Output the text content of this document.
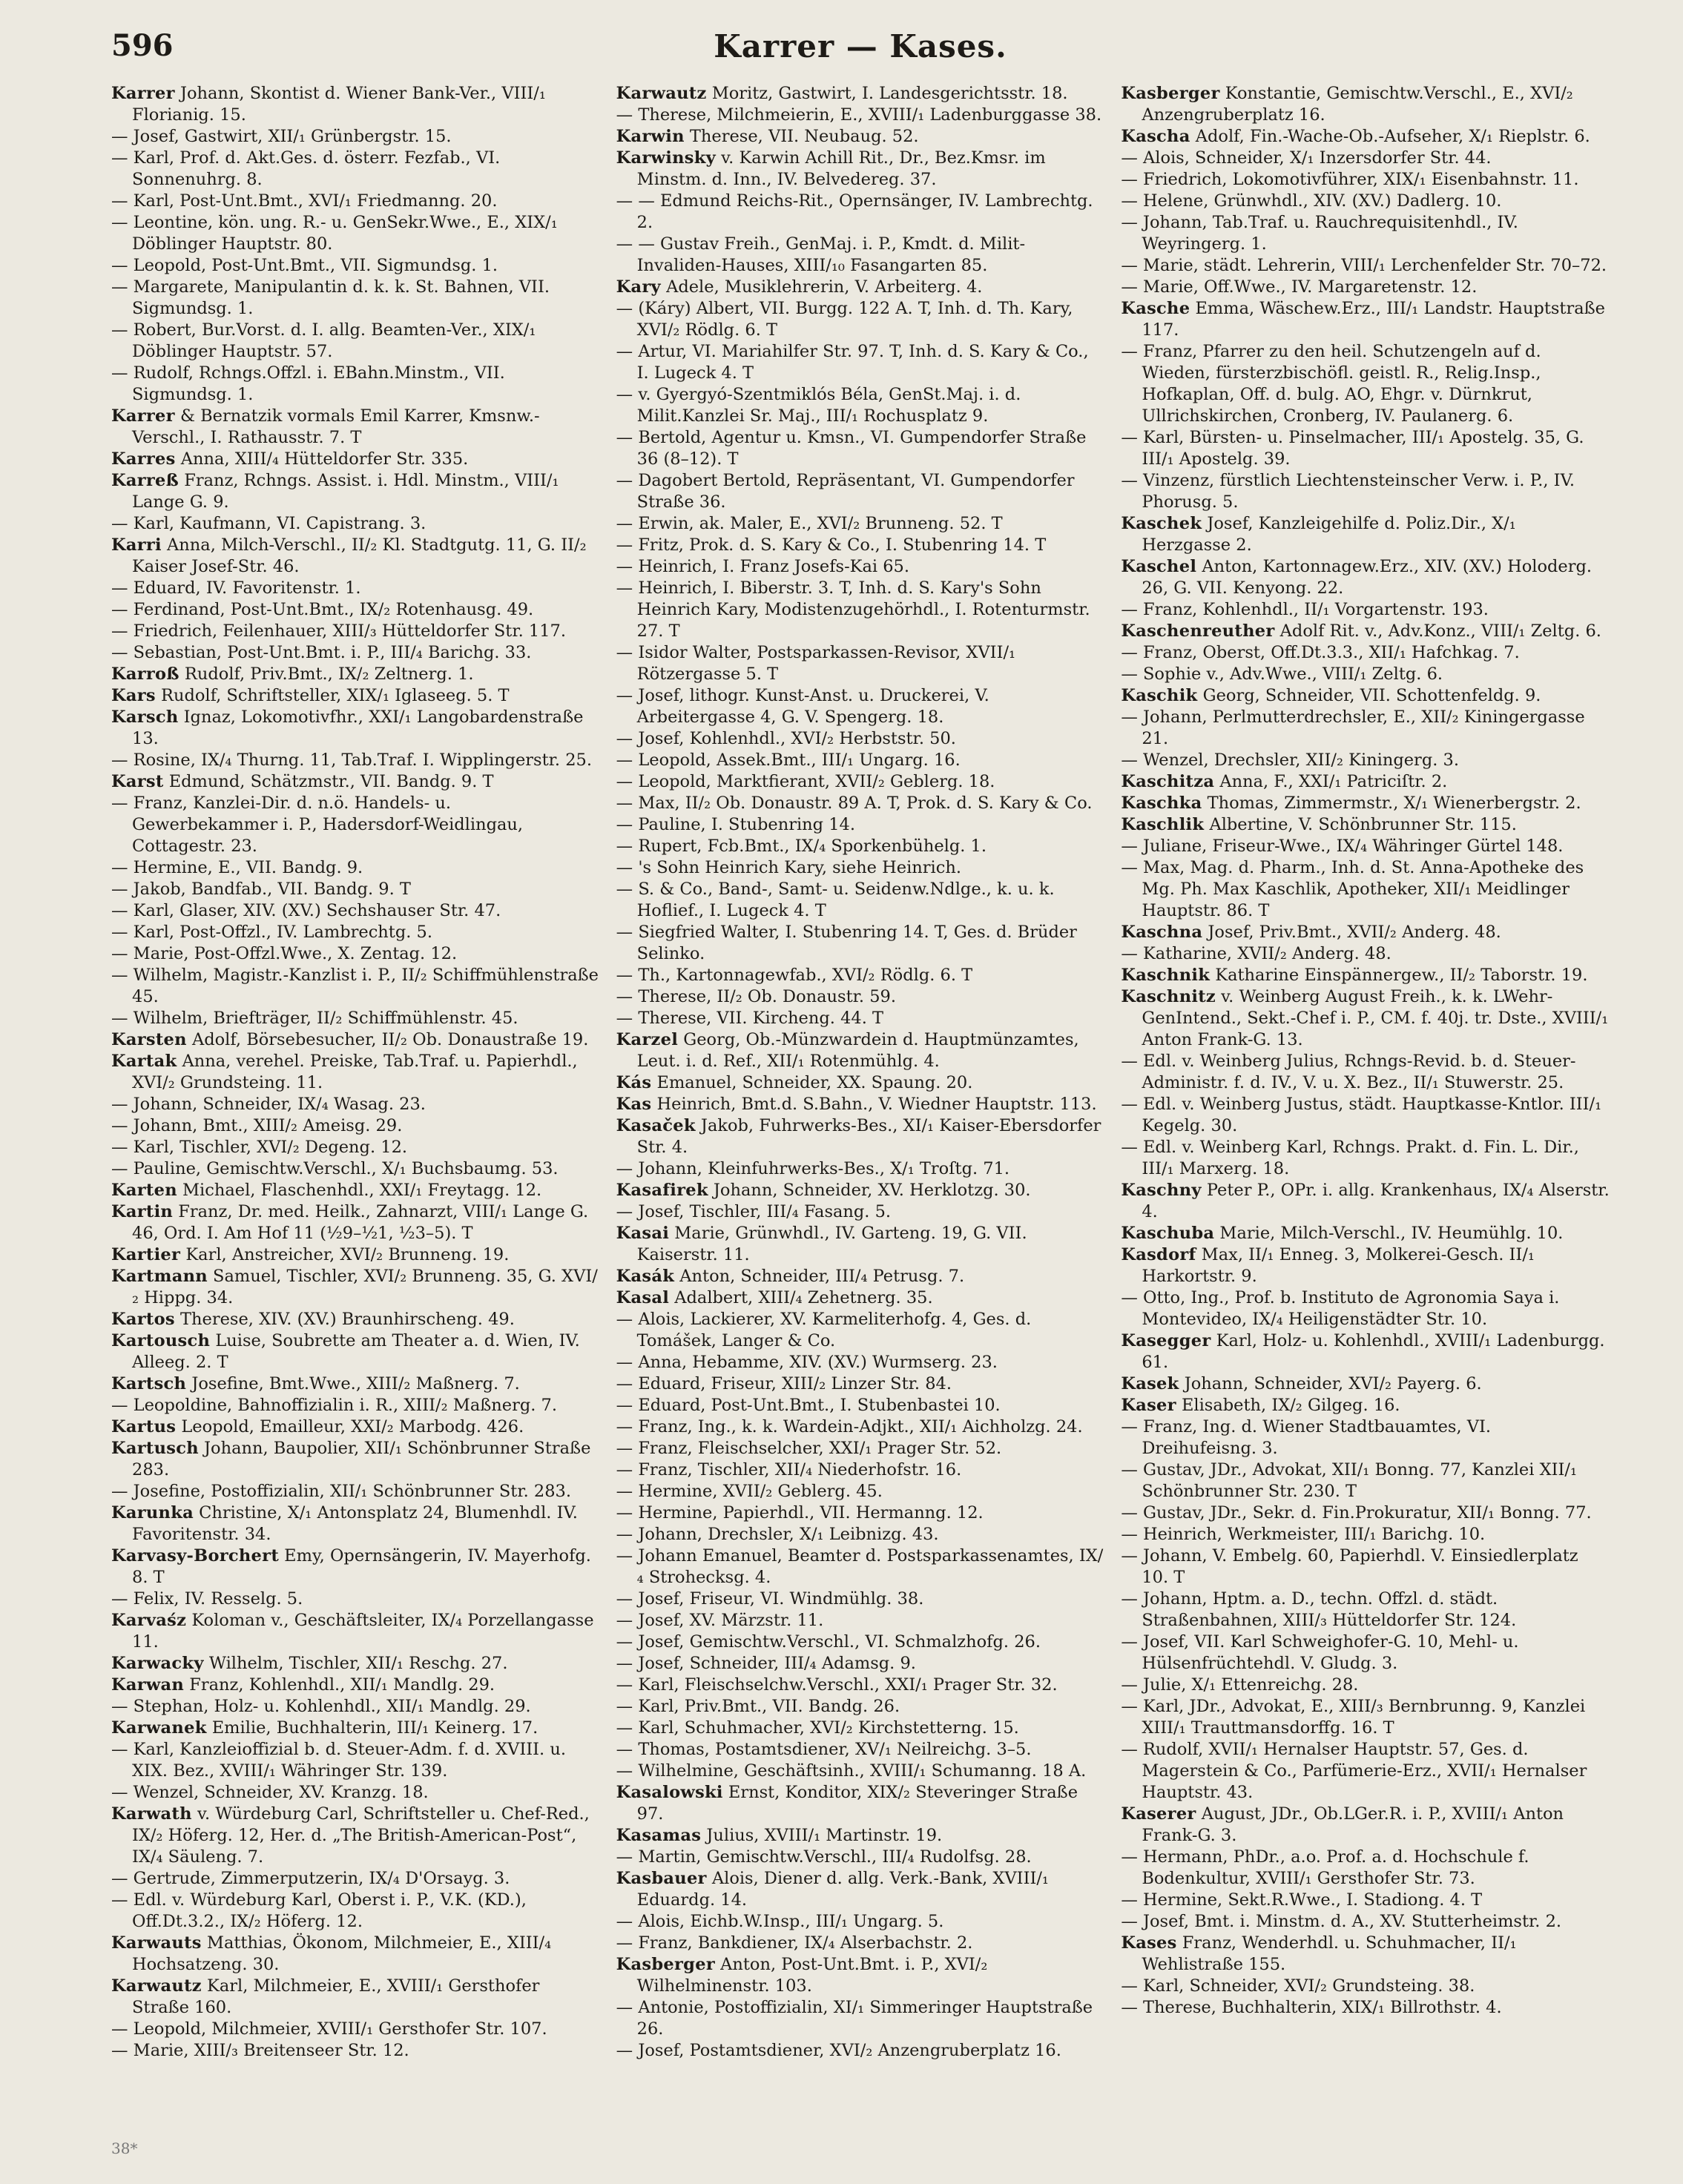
596	Karrer — Kases.

Karrer Johann, Skontist d. Wiener Bank-Ver., VIII/₁ Florianig. 15.

— Josef, Gastwirt, XII/₁ Grünbergstr. 15.

— Karl, Prof. d. Akt.Ges. d. österr. Fezfab., VI. Sonnenuhrg. 8.

— Karl, Post-Unt.Bmt., XVI/₁ Friedmanng. 20.

— Leontine, kön. ung. R.- u. GenSekr.Wwe., E., XIX/₁ Döblinger Hauptstr. 80.

— Leopold, Post-Unt.Bmt., VII. Sigmundsg. 1.

— Margarete, Manipulantin d. k. k. St. Bahnen, VII. Sigmundsg. 1.

— Robert, Bur.Vorst. d. I. allg. Beamten-Ver., XIX/₁ Döblinger Hauptstr. 57.

— Rudolf, Rchngs.Offzl. i. EBahn.Minstm., VII. Sigmundsg. 1.

Karrer & Bernatzik vormals Emil Karrer, Kmsnw.-Verschl., I. Rathausstr. 7. T

Karres Anna, XIII/₄ Hütteldorfer Str. 335.

Karreß Franz, Rchngs. Assist. i. Hdl. Minstm., VIII/₁ Lange G. 9.

— Karl, Kaufmann, VI. Capistrang. 3.

Karri Anna, Milch-Verschl., II/₂ Kl. Stadtgutg. 11, G. II/₂ Kaiser Josef-Str. 46.

— Eduard, IV. Favoritenstr. 1.

— Ferdinand, Post-Unt.Bmt., IX/₂ Rotenhausg. 49.

— Friedrich, Feilenhauer, XIII/₃ Hütteldorfer Str. 117.

— Sebastian, Post-Unt.Bmt. i. P., III/₄ Barichg. 33.

Karroß Rudolf, Priv.Bmt., IX/₂ Zeltnerg. 1.

Kars Rudolf, Schriftsteller, XIX/₁ Iglaseeg. 5. T

Karsch Ignaz, Lokomotivfhr., XXI/₁ Langobardenstraße 13.

— Rosine, IX/₄ Thurng. 11, Tab.Traf. I. Wipplingerstr. 25.

Karst Edmund, Schätzmstr., VII. Bandg. 9. T

— Franz, Kanzlei-Dir. d. n.ö. Handels- u. Gewerbekammer i. P., Hadersdorf-Weidlingau, Cottagestr. 23.

— Hermine, E., VII. Bandg. 9.

— Jakob, Bandfab., VII. Bandg. 9. T

— Karl, Glaser, XIV. (XV.) Sechshauser Str. 47.

— Karl, Post-Offzl., IV. Lambrechtg. 5.

— Marie, Post-Offzl.Wwe., X. Zentag. 12.

— Wilhelm, Magistr.-Kanzlist i. P., II/₂ Schiffmühlenstraße 45.

— Wilhelm, Briefträger, II/₂ Schiffmühlenstr. 45.

Karsten Adolf, Börsebesucher, II/₂ Ob. Donaustraße 19.

Kartak Anna, verehel. Preiske, Tab.Traf. u. Papierhdl., XVI/₂ Grundsteing. 11.

— Johann, Schneider, IX/₄ Wasag. 23.

— Johann, Bmt., XIII/₂ Ameisg. 29.

— Karl, Tischler, XVI/₂ Degeng. 12.

— Pauline, Gemischtw.Verschl., X/₁ Buchsbaumg. 53.

Karten Michael, Flaschenhdl., XXI/₁ Freytagg. 12.

Kartin Franz, Dr. med. Heilk., Zahnarzt, VIII/₁ Lange G. 46, Ord. I. Am Hof 11 (½9–½1, ½3–5). T

Kartier Karl, Anstreicher, XVI/₂ Brunneng. 19.

Kartmann Samuel, Tischler, XVI/₂ Brunneng. 35, G. XVI/₂ Hippg. 34.

Kartos Therese, XIV. (XV.) Braunhirscheng. 49.

Kartousch Luise, Soubrette am Theater a. d. Wien, IV. Alleeg. 2. T

Kartsch Josefine, Bmt.Wwe., XIII/₂ Maßnerg. 7.

— Leopoldine, Bahnoffizialin i. R., XIII/₂ Maßnerg. 7.

Kartus Leopold, Emailleur, XXI/₂ Marbodg. 426.

Kartusch Johann, Baupolier, XII/₁ Schönbrunner Straße 283.

— Josefine, Postoffizialin, XII/₁ Schönbrunner Str. 283.

Karunka Christine, X/₁ Antonsplatz 24, Blumenhdl. IV. Favoritenstr. 34.

Karvasy-Borchert Emy, Opernsängerin, IV. Mayerhofg. 8. T

— Felix, IV. Resselg. 5.

Karvaśz Koloman v., Geschäftsleiter, IX/₄ Porzellangasse 11.

Karwacky Wilhelm, Tischler, XII/₁ Reschg. 27.

Karwan Franz, Kohlenhdl., XII/₁ Mandlg. 29.

— Stephan, Holz- u. Kohlenhdl., XII/₁ Mandlg. 29.

Karwanek Emilie, Buchhalterin, III/₁ Keinerg. 17.

— Karl, Kanzleioffizial b. d. Steuer-Adm. f. d. XVIII. u. XIX. Bez., XVIII/₁ Währinger Str. 139.

— Wenzel, Schneider, XV. Kranzg. 18.

Karwath v. Würdeburg Carl, Schriftsteller u. Chef-Red., IX/₂ Höferg. 12, Her. d. „The British-American-Post“, IX/₄ Säuleng. 7.

— Gertrude, Zimmerputzerin, IX/₄ D'Orsayg. 3.

— Edl. v. Würdeburg Karl, Oberst i. P., V.K. (KD.), Off.Dt.3.2., IX/₂ Höferg. 12.

Karwauts Matthias, Ökonom, Milchmeier, E., XIII/₄ Hochsatzeng. 30.

Karwautz Karl, Milchmeier, E., XVIII/₁ Gersthofer Straße 160.

— Leopold, Milchmeier, XVIII/₁ Gersthofer Str. 107.

— Marie, XIII/₃ Breitenseer Str. 12.

Karwautz Moritz, Gastwirt, I. Landesgerichtsstr. 18.

— Therese, Milchmeierin, E., XVIII/₁ Ladenburggasse 38.

Karwin Therese, VII. Neubaug. 52.

Karwinsky v. Karwin Achill Rit., Dr., Bez.Kmsr. im Minstm. d. Inn., IV. Belvedereg. 37.

— — Edmund Reichs-Rit., Opernsänger, IV. Lambrechtg. 2.

— — Gustav Freih., GenMaj. i. P., Kmdt. d. Milit-Invaliden-Hauses, XIII/₁₀ Fasangarten 85.

Kary Adele, Musiklehrerin, V. Arbeiterg. 4.

— (Káry) Albert, VII. Burgg. 122 A. T, Inh. d. Th. Kary, XVI/₂ Rödlg. 6. T

— Artur, VI. Mariahilfer Str. 97. T, Inh. d. S. Kary & Co., I. Lugeck 4. T

— v. Gyergyó-Szentmiklós Béla, GenSt.Maj. i. d. Milit.Kanzlei Sr. Maj., III/₁ Rochusplatz 9.

— Bertold, Agentur u. Kmsn., VI. Gumpendorfer Straße 36 (8–12). T

— Dagobert Bertold, Repräsentant, VI. Gumpendorfer Straße 36.

— Erwin, ak. Maler, E., XVI/₂ Brunneng. 52. T

— Fritz, Prok. d. S. Kary & Co., I. Stubenring 14. T

— Heinrich, I. Franz Josefs-Kai 65.

— Heinrich, I. Biberstr. 3. T, Inh. d. S. Kary's Sohn Heinrich Kary, Modistenzugehörhdl., I. Rotenturmstr. 27. T

— Isidor Walter, Postsparkassen-Revisor, XVII/₁ Rötzergasse 5. T

— Josef, lithogr. Kunst-Anst. u. Druckerei, V. Arbeitergasse 4, G. V. Spengerg. 18.

— Josef, Kohlenhdl., XVI/₂ Herbststr. 50.

— Leopold, Assek.Bmt., III/₁ Ungarg. 16.

— Leopold, Marktfierant, XVII/₂ Geblerg. 18.

— Max, II/₂ Ob. Donaustr. 89 A. T, Prok. d. S. Kary & Co.

— Pauline, I. Stubenring 14.

— Rupert, Fcb.Bmt., IX/₄ Sporkenbühelg. 1.

— 's Sohn Heinrich Kary, siehe Heinrich.

— S. & Co., Band-, Samt- u. Seidenw.Ndlge., k. u. k. Hoflief., I. Lugeck 4. T

— Siegfried Walter, I. Stubenring 14. T, Ges. d. Brüder Selinko.

— Th., Kartonnagewfab., XVI/₂ Rödlg. 6. T

— Therese, II/₂ Ob. Donaustr. 59.

— Therese, VII. Kircheng. 44. T

Karzel Georg, Ob.-Münzwardein d. Hauptmünzamtes, Leut. i. d. Ref., XII/₁ Rotenmühlg. 4.

Kás Emanuel, Schneider, XX. Spaung. 20.

Kas Heinrich, Bmt.d. S.Bahn., V. Wiedner Hauptstr. 113.

Kasaček Jakob, Fuhrwerks-Bes., XI/₁ Kaiser-Ebersdorfer Str. 4.

— Johann, Kleinfuhrwerks-Bes., X/₁ Troſtg. 71.

Kasafirek Johann, Schneider, XV. Herklotzg. 30.

— Josef, Tischler, III/₄ Fasang. 5.

Kasai Marie, Grünwhdl., IV. Garteng. 19, G. VII. Kaiserstr. 11.

Kasák Anton, Schneider, III/₄ Petrusg. 7.

Kasal Adalbert, XIII/₄ Zehetnerg. 35.

— Alois, Lackierer, XV. Karmeliterhofg. 4, Ges. d. Tomášek, Langer & Co.

— Anna, Hebamme, XIV. (XV.) Wurmserg. 23.

— Eduard, Friseur, XIII/₂ Linzer Str. 84.

— Eduard, Post-Unt.Bmt., I. Stubenbastei 10.

— Franz, Ing., k. k. Wardein-Adjkt., XII/₁ Aichholzg. 24.

— Franz, Fleischselcher, XXI/₁ Prager Str. 52.

— Franz, Tischler, XII/₄ Niederhofstr. 16.

— Hermine, XVII/₂ Geblerg. 45.

— Hermine, Papierhdl., VII. Hermanng. 12.

— Johann, Drechsler, X/₁ Leibnizg. 43.

— Johann Emanuel, Beamter d. Postsparkassenamtes, IX/₄ Strohecksg. 4.

— Josef, Friseur, VI. Windmühlg. 38.

— Josef, XV. Märzstr. 11.

— Josef, Gemischtw.Verschl., VI. Schmalzhofg. 26.

— Josef, Schneider, III/₄ Adamsg. 9.

— Karl, Fleischselchw.Verschl., XXI/₁ Prager Str. 32.

— Karl, Priv.Bmt., VII. Bandg. 26.

— Karl, Schuhmacher, XVI/₂ Kirchstetterng. 15.

— Thomas, Postamtsdiener, XV/₁ Neilreichg. 3–5.

— Wilhelmine, Geschäftsinh., XVIII/₁ Schumanng. 18 A.

Kasalowski Ernst, Konditor, XIX/₂ Steveringer Straße 97.

Kasamas Julius, XVIII/₁ Martinstr. 19.

— Martin, Gemischtw.Verschl., III/₄ Rudolfsg. 28.

Kasbauer Alois, Diener d. allg. Verk.-Bank, XVIII/₁ Eduardg. 14.

— Alois, Eichb.W.Insp., III/₁ Ungarg. 5.

— Franz, Bankdiener, IX/₄ Alserbachstr. 2.

Kasberger Anton, Post-Unt.Bmt. i. P., XVI/₂ Wilhelminenstr. 103.

— Antonie, Postoffizialin, XI/₁ Simmeringer Hauptstraße 26.

— Josef, Postamtsdiener, XVI/₂ Anzengruberplatz 16.

Kasberger Konstantie, Gemischtw.Verschl., E., XVI/₂ Anzengruberplatz 16.

Kascha Adolf, Fin.-Wache-Ob.-Aufseher, X/₁ Rieplstr. 6.

— Alois, Schneider, X/₁ Inzersdorfer Str. 44.

— Friedrich, Lokomotivführer, XIX/₁ Eisenbahnstr. 11.

— Helene, Grünwhdl., XIV. (XV.) Dadlerg. 10.

— Johann, Tab.Traf. u. Rauchrequisitenhdl., IV. Weyringerg. 1.

— Marie, städt. Lehrerin, VIII/₁ Lerchenfelder Str. 70–72.

— Marie, Off.Wwe., IV. Margaretenstr. 12.

Kasche Emma, Wäschew.Erz., III/₁ Landstr. Hauptstraße 117.

— Franz, Pfarrer zu den heil. Schutzengeln auf d. Wieden, fürsterzbischöfl. geistl. R., Relig.Insp., Hofkaplan, Off. d. bulg. AO, Ehgr. v. Dürnkrut, Ullrichskirchen, Cronberg, IV. Paulanerg. 6.

— Karl, Bürsten- u. Pinselmacher, III/₁ Apostelg. 35, G. III/₁ Apostelg. 39.

— Vinzenz, fürstlich Liechtensteinscher Verw. i. P., IV. Phorusg. 5.

Kaschek Josef, Kanzleigehilfe d. Poliz.Dir., X/₁ Herzgasse 2.

Kaschel Anton, Kartonnagew.Erz., XIV. (XV.) Holoderg. 26, G. VII. Kenyong. 22.

— Franz, Kohlenhdl., II/₁ Vorgartenstr. 193.

Kaschenreuther Adolf Rit. v., Adv.Konz., VIII/₁ Zeltg. 6.

— Franz, Oberst, Off.Dt.3.3., XII/₁ Hafchkag. 7.

— Sophie v., Adv.Wwe., VIII/₁ Zeltg. 6.

Kaschik Georg, Schneider, VII. Schottenfeldg. 9.

— Johann, Perlmutterdrechsler, E., XII/₂ Kiningergasse 21.

— Wenzel, Drechsler, XII/₂ Kiningerg. 3.

Kaschitza Anna, F., XXI/₁ Patriciſtr. 2.

Kaschka Thomas, Zimmermstr., X/₁ Wienerbergstr. 2.

Kaschlik Albertine, V. Schönbrunner Str. 115.

— Juliane, Friseur-Wwe., IX/₄ Währinger Gürtel 148.

— Max, Mag. d. Pharm., Inh. d. St. Anna-Apotheke des Mg. Ph. Max Kaschlik, Apotheker, XII/₁ Meidlinger Hauptstr. 86. T

Kaschna Josef, Priv.Bmt., XVII/₂ Anderg. 48.

— Katharine, XVII/₂ Anderg. 48.

Kaschnik Katharine Einspännergew., II/₂ Taborstr. 19.

Kaschnitz v. Weinberg August Freih., k. k. LWehr-GenIntend., Sekt.-Chef i. P., CM. f. 40j. tr. Dste., XVIII/₁ Anton Frank-G. 13.

— Edl. v. Weinberg Julius, Rchngs-Revid. b. d. Steuer-Administr. f. d. IV., V. u. X. Bez., II/₁ Stuwerstr. 25.

— Edl. v. Weinberg Justus, städt. Hauptkasse-Kntlor. III/₁ Kegelg. 30.

— Edl. v. Weinberg Karl, Rchngs. Prakt. d. Fin. L. Dir., III/₁ Marxerg. 18.

Kaschny Peter P., OPr. i. allg. Krankenhaus, IX/₄ Alserstr. 4.

Kaschuba Marie, Milch-Verschl., IV. Heumühlg. 10.

Kasdorf Max, II/₁ Enneg. 3, Molkerei-Gesch. II/₁ Harkortstr. 9.

— Otto, Ing., Prof. b. Instituto de Agronomia Saya i. Montevideo, IX/₄ Heiligenstädter Str. 10.

Kasegger Karl, Holz- u. Kohlenhdl., XVIII/₁ Ladenburgg. 61.

Kasek Johann, Schneider, XVI/₂ Payerg. 6.

Kaser Elisabeth, IX/₂ Gilgeg. 16.

— Franz, Ing. d. Wiener Stadtbauamtes, VI. Dreihufeisng. 3.

— Gustav, JDr., Advokat, XII/₁ Bonng. 77, Kanzlei XII/₁ Schönbrunner Str. 230. T

— Gustav, JDr., Sekr. d. Fin.Prokuratur, XII/₁ Bonng. 77.

— Heinrich, Werkmeister, III/₁ Barichg. 10.

— Johann, V. Embelg. 60, Papierhdl. V. Einsiedlerplatz 10. T

— Johann, Hptm. a. D., techn. Offzl. d. städt. Straßenbahnen, XIII/₃ Hütteldorfer Str. 124.

— Josef, VII. Karl Schweighofer-G. 10, Mehl- u. Hülsenfrüchtehdl. V. Gludg. 3.

— Julie, X/₁ Ettenreichg. 28.

— Karl, JDr., Advokat, E., XIII/₃ Bernbrunng. 9, Kanzlei XIII/₁ Trauttmansdorffg. 16. T

— Rudolf, XVII/₁ Hernalser Hauptstr. 57, Ges. d. Magerstein & Co., Parfümerie-Erz., XVII/₁ Hernalser Hauptstr. 43.

Kaserer August, JDr., Ob.LGer.R. i. P., XVIII/₁ Anton Frank-G. 3.

— Hermann, PhDr., a.o. Prof. a. d. Hochschule f. Bodenkultur, XVIII/₁ Gersthofer Str. 73.

— Hermine, Sekt.R.Wwe., I. Stadiong. 4. T

— Josef, Bmt. i. Minstm. d. A., XV. Stutterheimstr. 2.

Kases Franz, Wenderhdl. u. Schuhmacher, II/₁ Wehlistraße 155.

— Karl, Schneider, XVI/₂ Grundsteing. 38.

— Therese, Buchhalterin, XIX/₁ Billrothstr. 4.

38*
